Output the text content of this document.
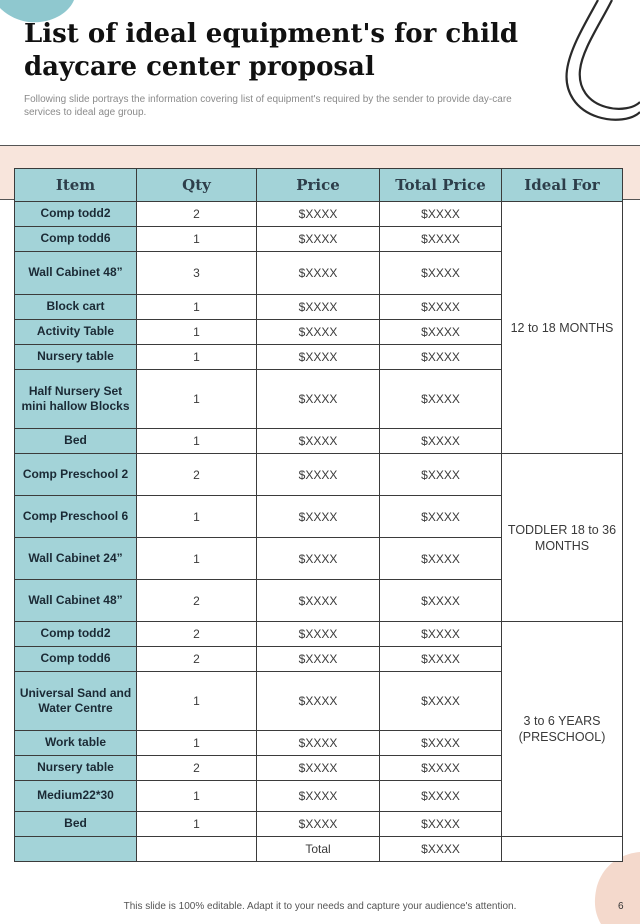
List of ideal equipment's for child daycare center proposal

Following slide portrays the information covering list of equipment's required by the sender to provide day-care services to ideal age group.

Item	Qty	Price	Total Price	Ideal For
Comp todd2	2	$XXXX	$XXXX	12 to 18 MONTHS
Comp todd6	1	$XXXX	$XXXX	
Wall Cabinet 48”	3	$XXXX	$XXXX	
Block cart	1	$XXXX	$XXXX	
Activity Table	1	$XXXX	$XXXX	
Nursery table	1	$XXXX	$XXXX	
Half Nursery Set mini hallow Blocks	1	$XXXX	$XXXX	
Bed	1	$XXXX	$XXXX	
Comp Preschool 2	2	$XXXX	$XXXX	TODDLER 18 to 36 MONTHS
Comp Preschool 6	1	$XXXX	$XXXX	
Wall Cabinet 24”	1	$XXXX	$XXXX	
Wall Cabinet 48”	2	$XXXX	$XXXX	
Comp todd2	2	$XXXX	$XXXX	3 to 6 YEARS (PRESCHOOL)
Comp todd6	2	$XXXX	$XXXX	
Universal Sand and Water Centre	1	$XXXX	$XXXX	
Work table	1	$XXXX	$XXXX	
Nursery table	2	$XXXX	$XXXX	
Medium22*30	1	$XXXX	$XXXX	
Bed	1	$XXXX	$XXXX	
		Total	$XXXX	
This slide is 100% editable. Adapt it to your needs and capture your audience's attention.	6
